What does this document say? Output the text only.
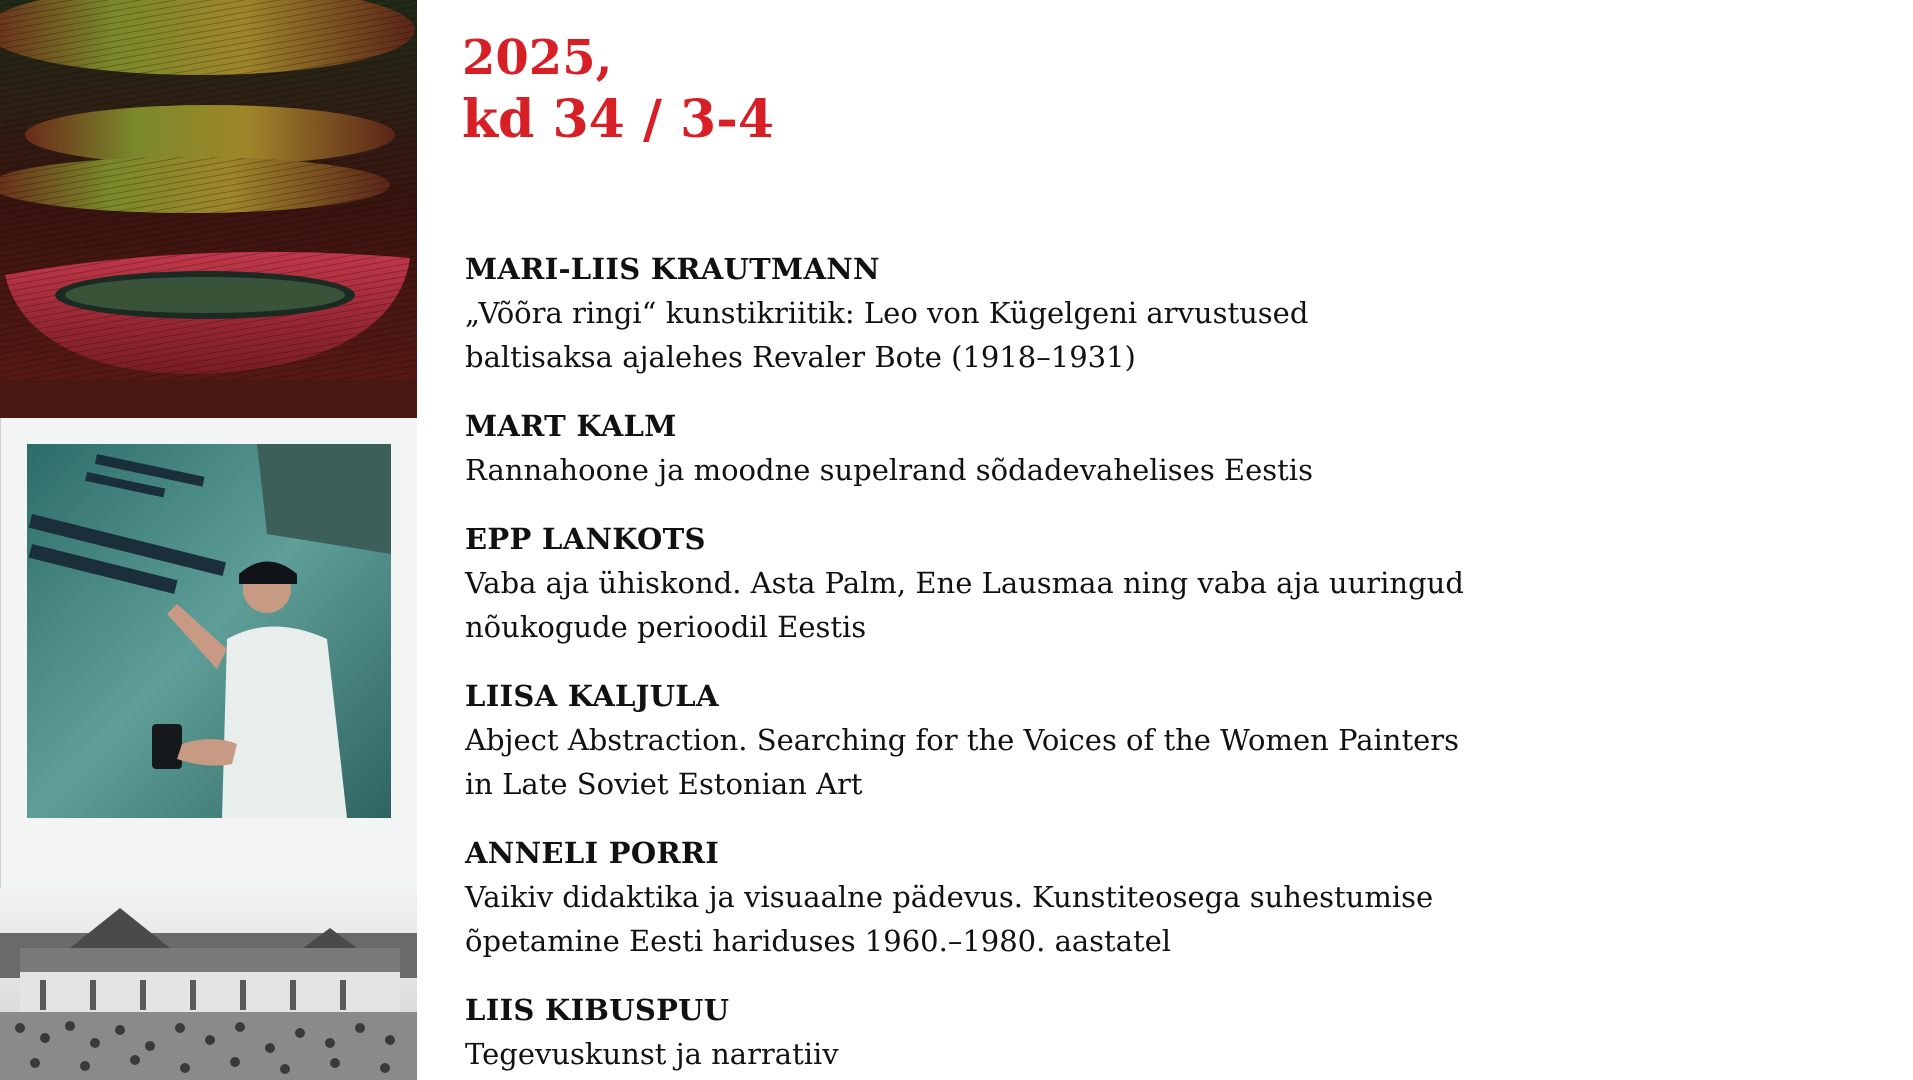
2025,
kd 34 / 3-4
MARI-LIIS KRAUTMANN
„Võõra ringi“ kunstikriitik: Leo von Kügelgeni arvustused
baltisaksa ajalehes Revaler Bote (1918–1931)
MART KALM
Rannahoone ja moodne supelrand sõdadevahelises Eestis
EPP LANKOTS
Vaba aja ühiskond. Asta Palm, Ene Lausmaa ning vaba aja uuringud
nõukogude perioodil Eestis
LIISA KALJULA
Abject Abstraction. Searching for the Voices of the Women Painters
in Late Soviet Estonian Art
ANNELI PORRI
Vaikiv didaktika ja visuaalne pädevus. Kunstiteosega suhestumise
õpetamine Eesti hariduses 1960.–1980. aastatel
LIIS KIBUSPUU
Tegevuskunst ja narratiiv
